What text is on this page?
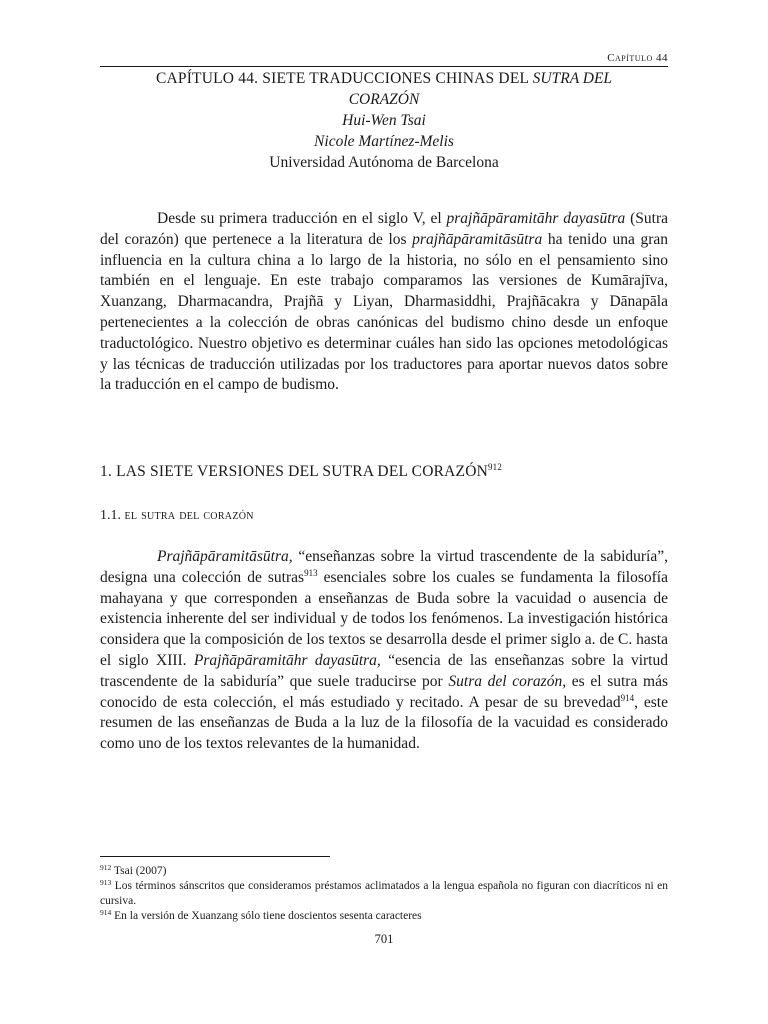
Capítulo 44
CAPÍTULO 44. SIETE TRADUCCIONES CHINAS DEL SUTRA DEL
CORAZÓN
Hui-Wen Tsai
Nicole Martínez-Melis
Universidad Autónoma de Barcelona
Desde su primera traducción en el siglo V, el prajñāpāramitāhr dayasūtra (Sutra del corazón) que pertenece a la literatura de los prajñāpāramitāsūtra ha tenido una gran influencia en la cultura china a lo largo de la historia, no sólo en el pensamiento sino también en el lenguaje. En este trabajo comparamos las versiones de Kumārajīva, Xuanzang, Dharmacandra, Prajñā y Liyan, Dharmasiddhi, Prajñācakra y Dānapāla pertenecientes a la colección de obras canónicas del budismo chino desde un enfoque traductológico. Nuestro objetivo es determinar cuáles han sido las opciones metodológicas y las técnicas de traducción utilizadas por los traductores para aportar nuevos datos sobre la traducción en el campo de budismo.
1. LAS SIETE VERSIONES DEL SUTRA DEL CORAZÓN$^{912}$
1.1. el sutra del corazón
Prajñāpāramitāsūtra, “enseñanzas sobre la virtud trascendente de la sabiduría”, designa una colección de sutras$^{913}$ esenciales sobre los cuales se fundamenta la filosofía mahayana y que corresponden a enseñanzas de Buda sobre la vacuidad o ausencia de existencia inherente del ser individual y de todos los fenómenos. La investigación histórica considera que la composición de los textos se desarrolla desde el primer siglo a. de C. hasta el siglo XIII. Prajñāpāramitāhr dayasūtra, “esencia de las enseñanzas sobre la virtud trascendente de la sabiduría” que suele traducirse por Sutra del corazón, es el sutra más conocido de esta colección, el más estudiado y recitado. A pesar de su brevedad$^{914}$, este resumen de las enseñanzas de Buda a la luz de la filosofía de la vacuidad es considerado como uno de los textos relevantes de la humanidad.
$^{912}$ Tsai (2007)
$^{913}$ Los términos sánscritos que consideramos préstamos aclimatados a la lengua española no figuran con diacríticos ni en cursiva.
$^{914}$ En la versión de Xuanzang sólo tiene doscientos sesenta caracteres
701
